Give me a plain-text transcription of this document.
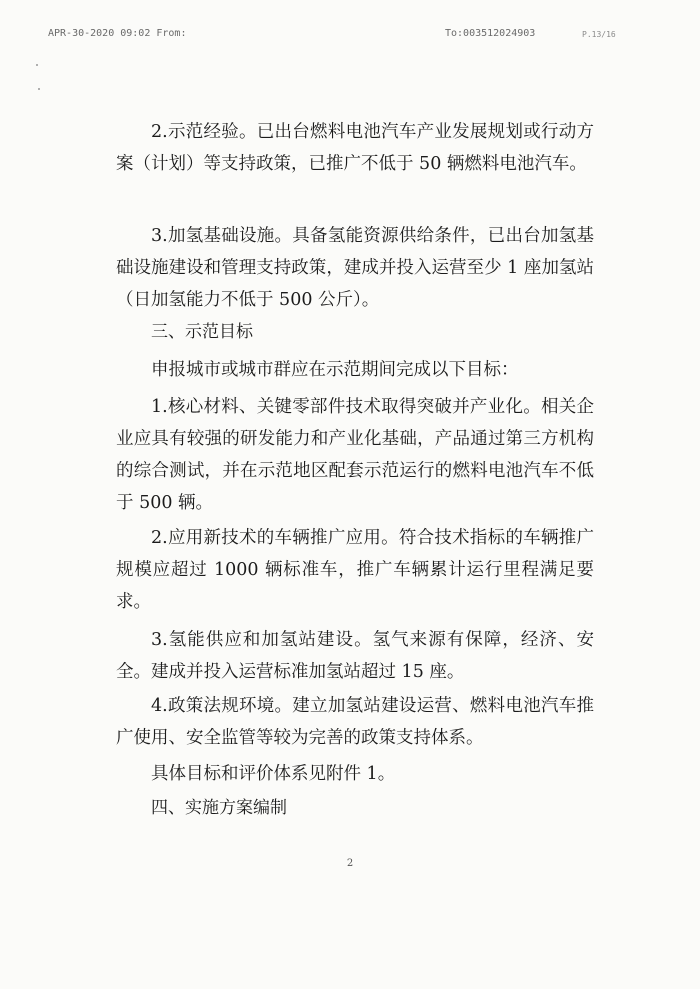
APR-30-2020 09:02 From:	To:003512024903	P.13/16

2.示范经验。已出台燃料电池汽车产业发展规划或行动方案（计划）等支持政策，已推广不低于 50 辆燃料电池汽车。

3.加氢基础设施。具备氢能资源供给条件，已出台加氢基础设施建设和管理支持政策，建成并投入运营至少 1 座加氢站（日加氢能力不低于 500 公斤）。

三、示范目标

申报城市或城市群应在示范期间完成以下目标：

1.核心材料、关键零部件技术取得突破并产业化。相关企业应具有较强的研发能力和产业化基础，产品通过第三方机构的综合测试，并在示范地区配套示范运行的燃料电池汽车不低于 500 辆。

2.应用新技术的车辆推广应用。符合技术指标的车辆推广规模应超过 1000 辆标准车，推广车辆累计运行里程满足要求。

3.氢能供应和加氢站建设。氢气来源有保障，经济、安全。建成并投入运营标准加氢站超过 15 座。

4.政策法规环境。建立加氢站建设运营、燃料电池汽车推广使用、安全监管等较为完善的政策支持体系。

具体目标和评价体系见附件 1。

四、实施方案编制

2
